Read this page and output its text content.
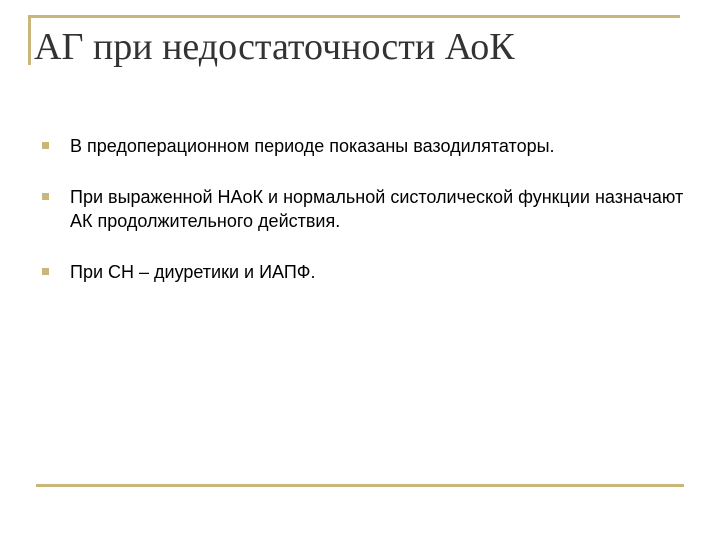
АГ при недостаточности АоК
В предоперационном периоде показаны вазодилятаторы.
При выраженной НАоК и нормальной систолической функции назначают АК продолжительного действия.
При СН – диуретики и ИАПФ.
